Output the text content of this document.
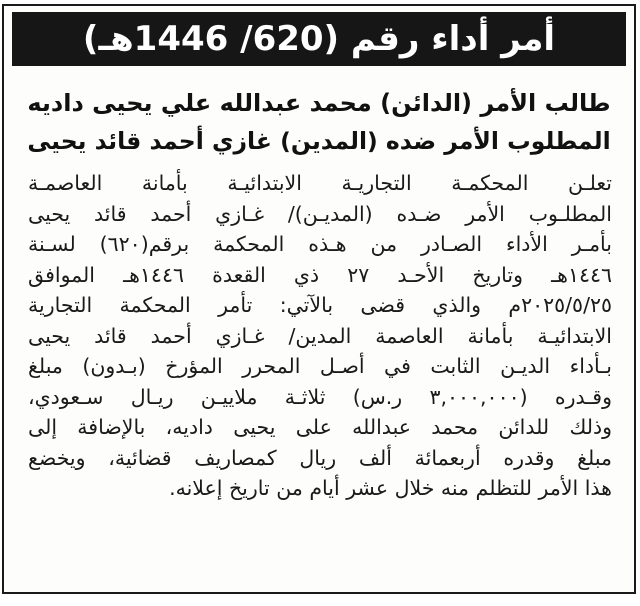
أمر أداء رقم (620/ 1446هـ)
طالب الأمر (الدائن) محمد عبدالله علي يحيى داديه
المطلوب الأمر ضده (المدين) غازي أحمد قائد يحيى
تعلـن المحكمـة التجاريـة الابتدائيـة بأمانة العاصمـة
المطلـوب الأمر ضـده (المديـن)/ غـازي أحمد قائد يحيى
بأمـر الأداء الصـادر من هـذه المحكمة برقم(٦٢٠) لسـنة
١٤٤٦هـ وتاريخ الأحـد ٢٧ ذي القعدة ١٤٤٦هـ الموافق
٢٠٢٥/٥/٢٥م والذي قضى بالآتي: تأمر المحكمة التجارية
الابتدائيـة بأمانة العاصمة المدين/ غـازي أحمد قائد يحيى
بـأداء الديـن الثابت في أصـل المحرر المؤرخ (بـدون) مبلغ
وقـدره (٣,٠٠٠,٠٠٠ ر.س) ثلاثـة ملاييـن ريـال سـعودي،
وذلك للدائن محمد عبدالله على يحيى داديه، بالإضافة إلى
مبلغ وقدره أربعمائة ألف ريال كمصاريف قضائية، ويخضع
هذا الأمر للتظلم منه خلال عشر أيام من تاريخ إعلانه.
